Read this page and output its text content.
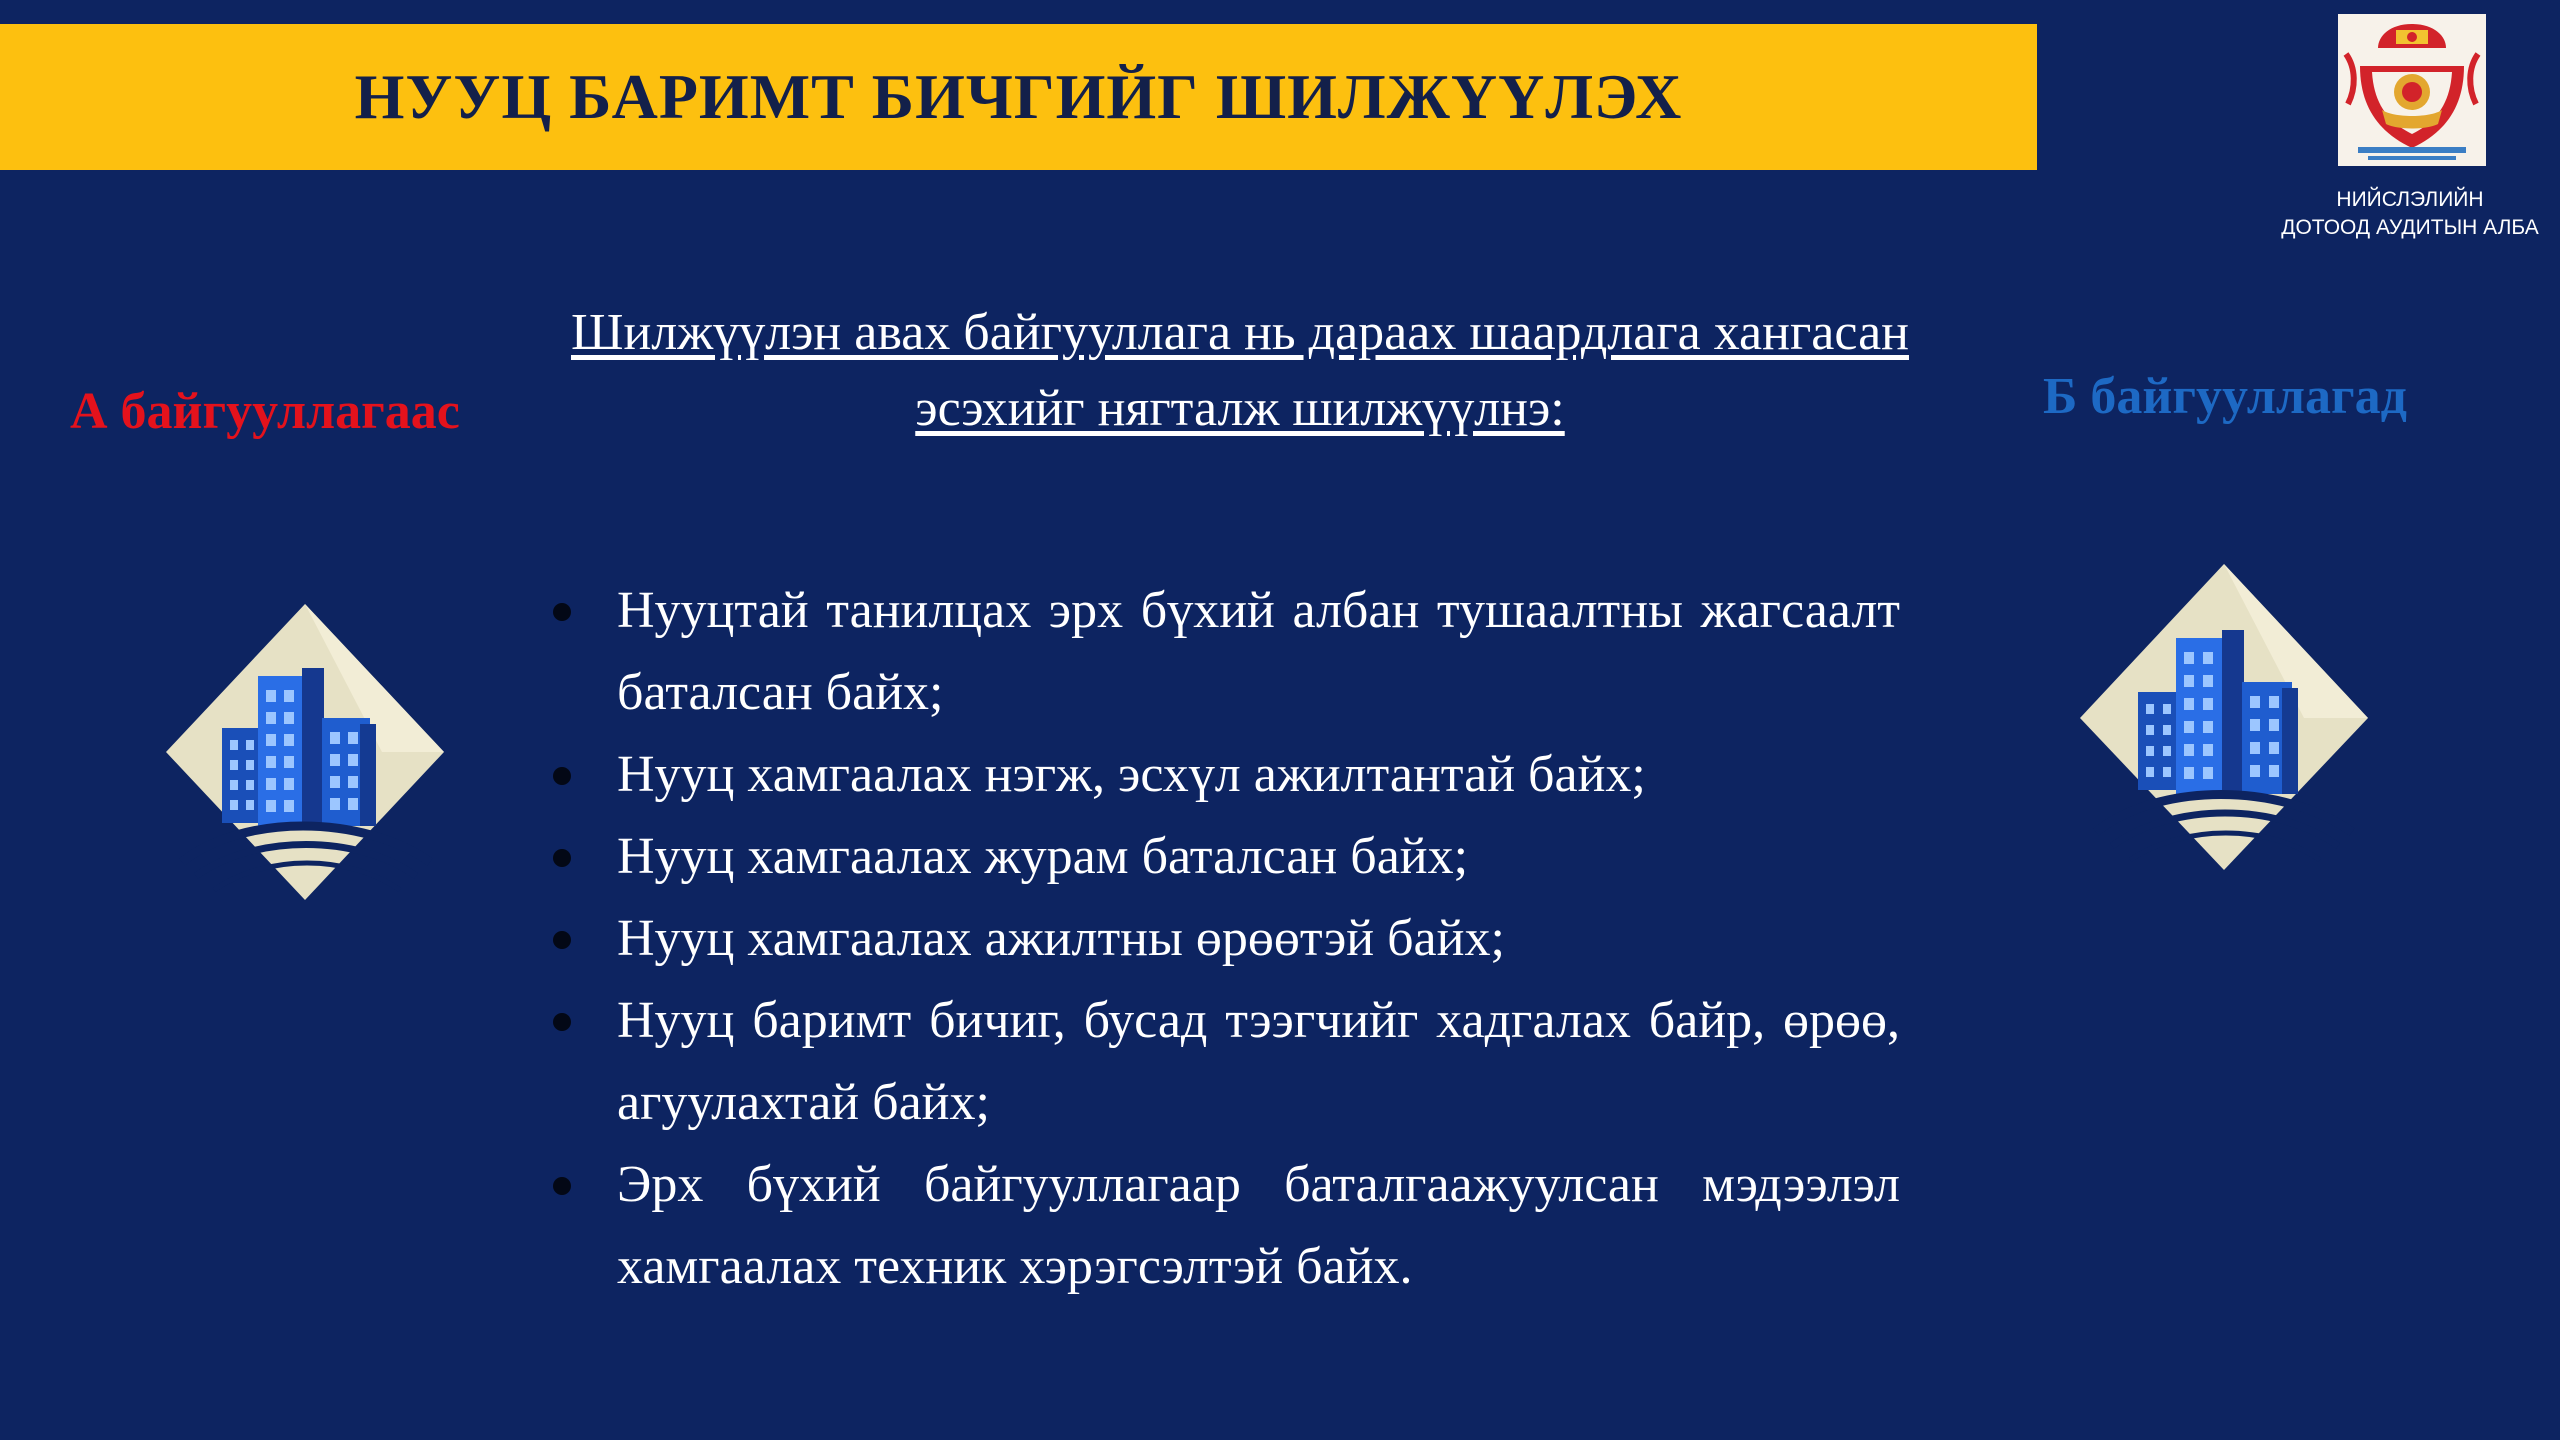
НУУЦ БАРИМТ БИЧГИЙГ ШИЛЖҮҮЛЭХ
НИЙСЛЭЛИЙН
ДОТООД АУДИТЫН АЛБА
А байгууллагаас	Б байгууллагад
Шилжүүлэн авах байгууллага нь дараах шаардлага хангасан эсэхийг нягталж шилжүүлнэ:
Нууцтай танилцах эрх бүхий албан тушаалтны жагсаалт баталсан байх;
Нууц хамгаалах нэгж, эсхүл ажилтантай байх;
Нууц хамгаалах журам баталсан байх;
Нууц хамгаалах ажилтны өрөөтэй байх;
Нууц баримт бичиг, бусад тээгчийг хадгалах байр, өрөө, агуулахтай байх;
Эрх бүхий байгууллагаар баталгаажуулсан мэдээлэл хамгаалах техник хэрэгсэлтэй байх.
